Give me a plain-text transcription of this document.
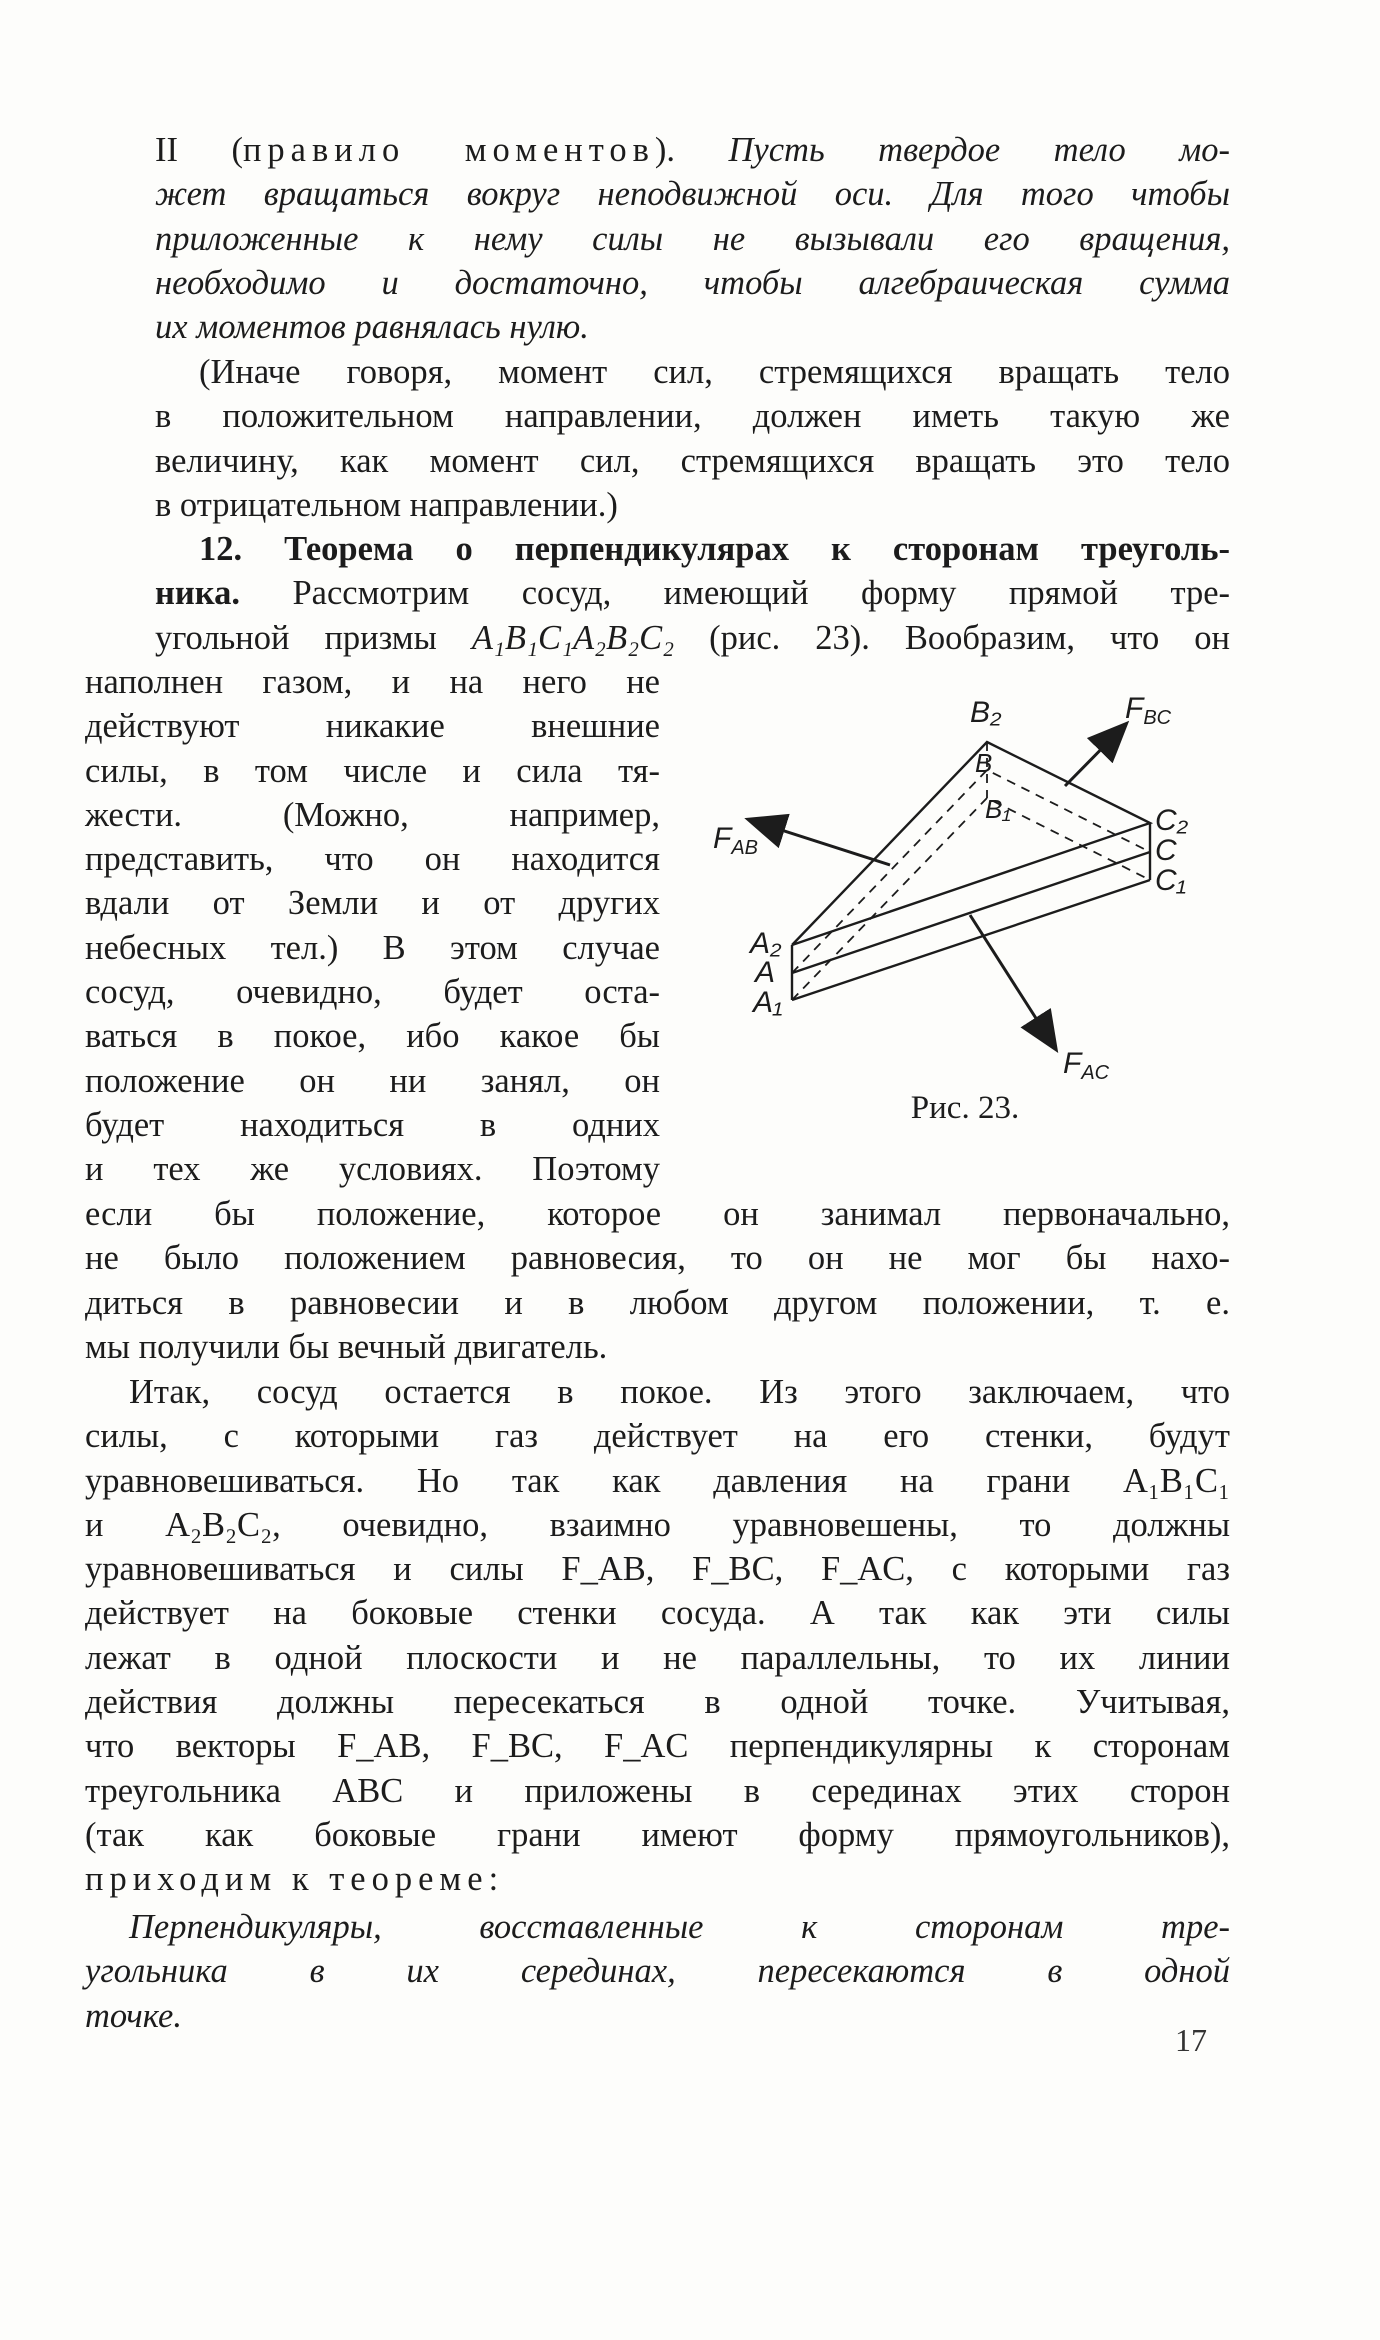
II (правило моментов). Пусть твердое тело мо-
жет вращаться вокруг неподвижной оси. Для того чтобы
приложенные к нему силы не вызывали его вращения,
необходимо и достаточно, чтобы алгебраическая сумма
их моментов равнялась нулю.
(Иначе говоря, момент сил, стремящихся вращать тело
в положительном направлении, должен иметь такую же
величину, как момент сил, стремящихся вращать это тело
в отрицательном направлении.)
12. Теорема о перпендикулярах к сторонам треуголь-
ника. Рассмотрим сосуд, имеющий форму прямой тре-
угольной призмы A₁B₁C₁A₂B₂C₂ (рис. 23). Вообразим, что он
наполнен газом, и на него не
действуют никакие внешние
силы, в том числе и сила тя-
жести. (Можно, например,
представить, что он находится
вдали от Земли и от других
небесных тел.) В этом случае
сосуд, очевидно, будет оста-
ваться в покое, ибо какое бы
положение он ни занял, он
будет находиться в одних
и тех же условиях. Поэтому
B₂
B
B₁	C₂
C
C₁
A₂
A
A₁
$F_{BC}$
$F_{AB}$
$F_{AC}$
Рис. 23.
если бы положение, которое он занимал первоначально,
не было положением равновесия, то он не мог бы нахо-
диться в равновесии и в любом другом положении, т. е.
мы получили бы вечный двигатель.
Итак, сосуд остается в покое. Из этого заключаем, что
силы, с которыми газ действует на его стенки, будут
уравновешиваться. Но так как давления на грани A₁B₁C₁
и A₂B₂C₂, очевидно, взаимно уравновешены, то должны
уравновешиваться и силы F_AB, F_BC, F_AC, с которыми газ
действует на боковые стенки сосуда. А так как эти силы
лежат в одной плоскости и не параллельны, то их линии
действия должны пересекаться в одной точке. Учитывая,
что векторы F_AB, F_BC, F_AC перпендикулярны к сторонам
треугольника ABC и приложены в серединах этих сторон
(так как боковые грани имеют форму прямоугольников),
приходим к теореме:
Перпендикуляры, восставленные к сторонам тре-
угольника в их серединах, пересекаются в одной
точке.
17
